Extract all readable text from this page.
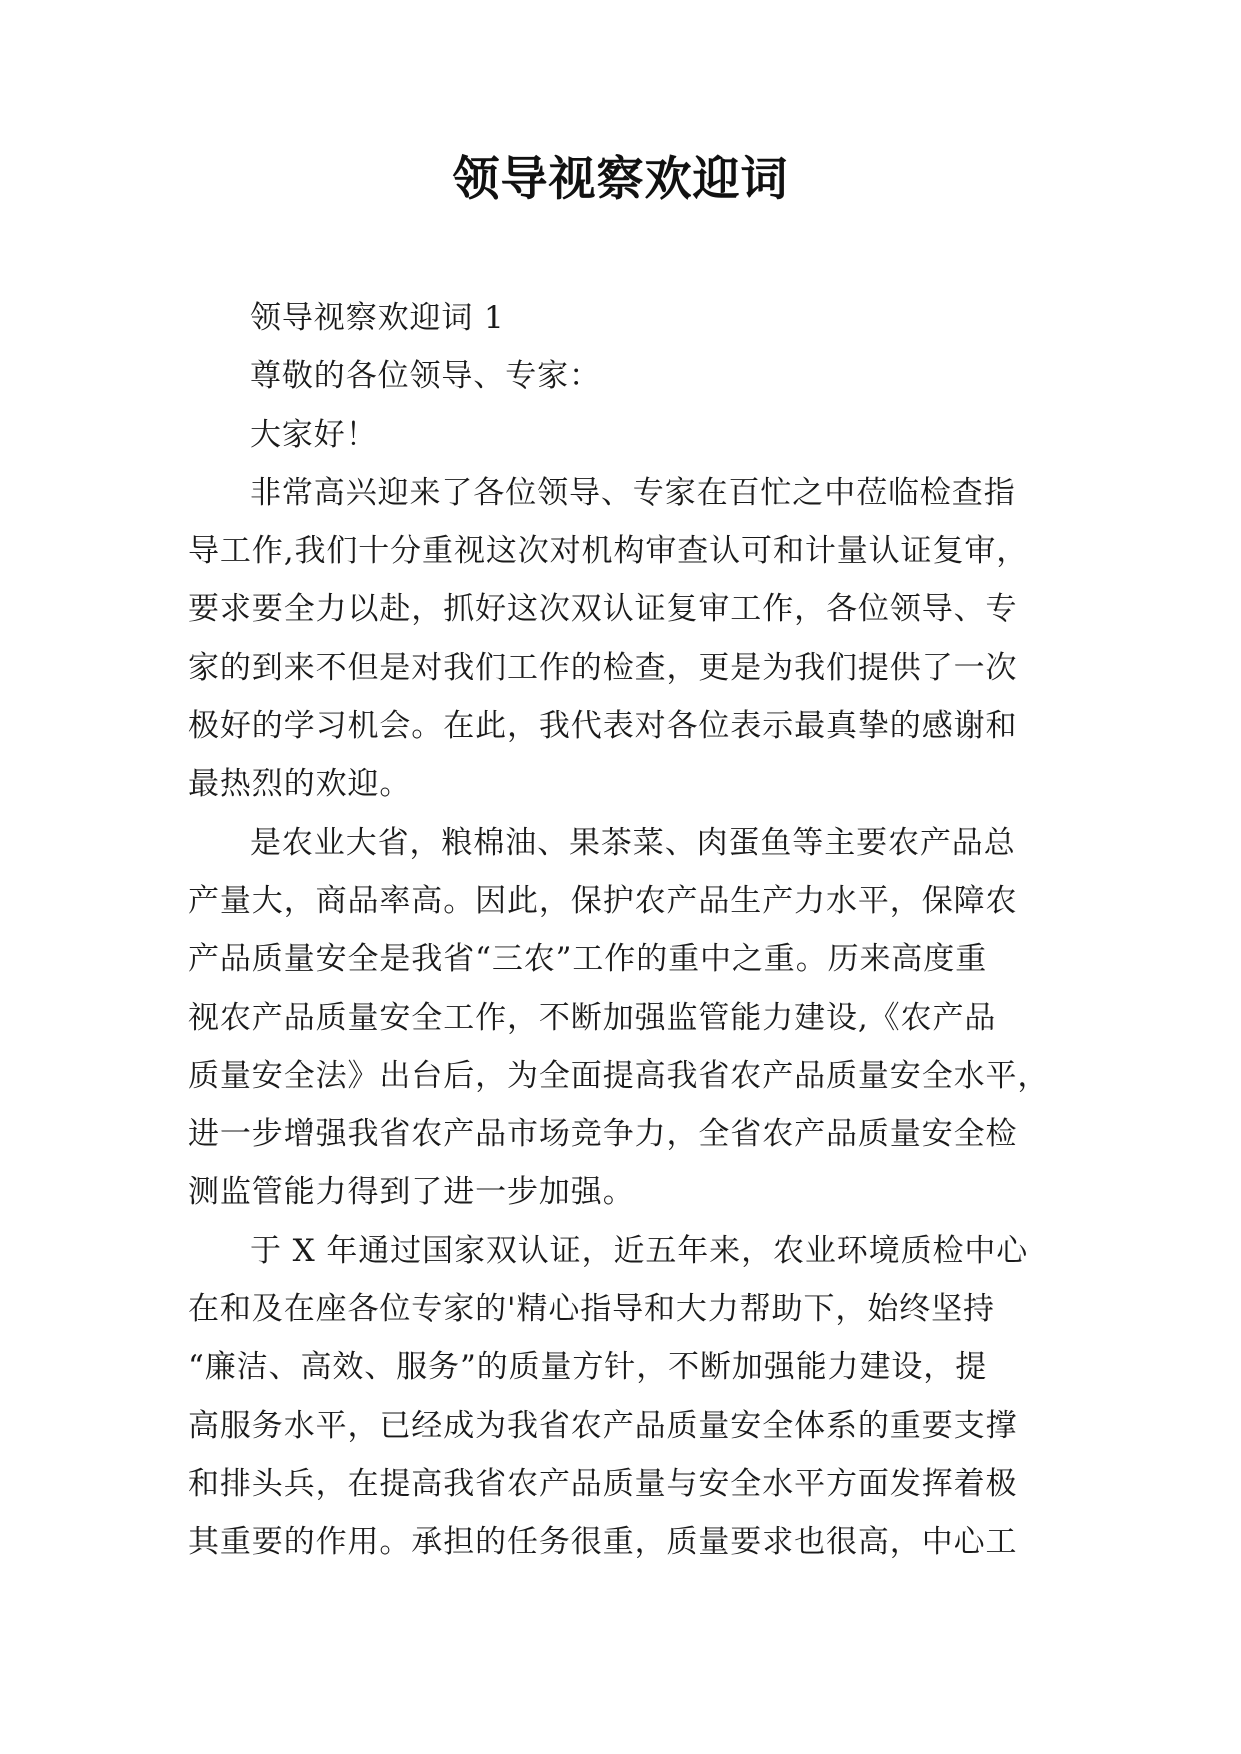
领导视察欢迎词
领导视察欢迎词 1
尊敬的各位领导、专家：
大家好！
非常高兴迎来了各位领导、专家在百忙之中莅临检查指
导工作,我们十分重视这次对机构审查认可和计量认证复审，
要求要全力以赴，抓好这次双认证复审工作，各位领导、专
家的到来不但是对我们工作的检查，更是为我们提供了一次
极好的学习机会。在此，我代表对各位表示最真挚的感谢和
最热烈的欢迎。
是农业大省，粮棉油、果茶菜、肉蛋鱼等主要农产品总
产量大，商品率高。因此，保护农产品生产力水平，保障农
产品质量安全是我省“三农”工作的重中之重。历来高度重
视农产品质量安全工作，不断加强监管能力建设,《农产品
质量安全法》出台后，为全面提高我省农产品质量安全水平，
进一步增强我省农产品市场竞争力，全省农产品质量安全检
测监管能力得到了进一步加强。
于 X 年通过国家双认证，近五年来，农业环境质检中心
在和及在座各位专家的'精心指导和大力帮助下，始终坚持
“廉洁、高效、服务”的质量方针，不断加强能力建设，提
高服务水平，已经成为我省农产品质量安全体系的重要支撑
和排头兵，在提高我省农产品质量与安全水平方面发挥着极
其重要的作用。承担的任务很重，质量要求也很高，中心工
